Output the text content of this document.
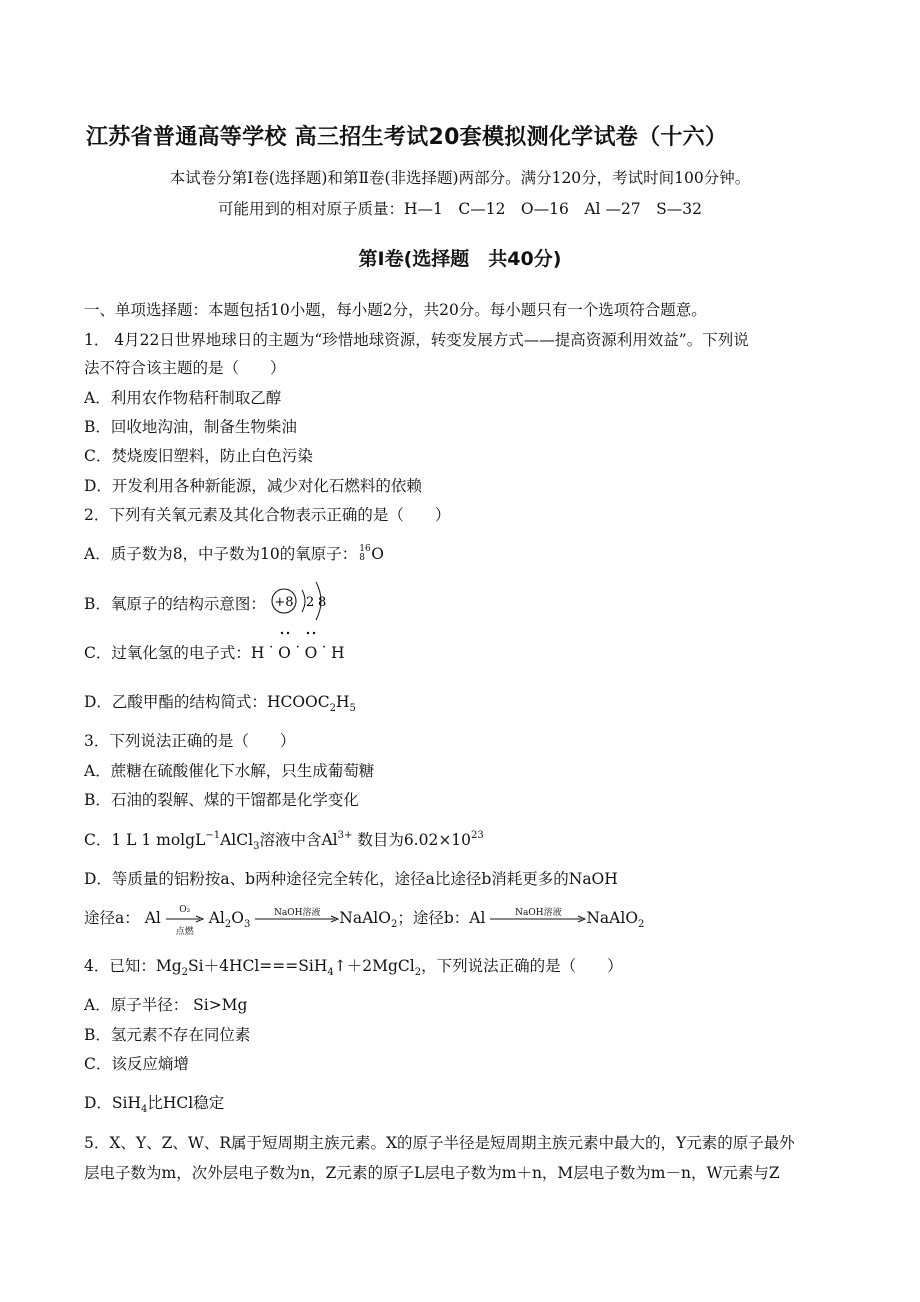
江苏省普通高等学校 高三招生考试20套模拟测化学试卷（十六）
本试卷分第Ⅰ卷(选择题)和第Ⅱ卷(非选择题)两部分。满分120分，考试时间100分钟。
可能用到的相对原子质量：H—1　C—12　O—16　Al —27　S—32
第Ⅰ卷(选择题　共40分)
一、单项选择题：本题包括10小题，每小题2分，共20分。每小题只有一个选项符合题意。
1． 4月22日世界地球日的主题为“珍惜地球资源，转变发展方式——提高资源利用效益”。下列说
法不符合该主题的是（　　）
A．利用农作物秸秆制取乙醇
B．回收地沟油，制备生物柴油
C．焚烧废旧塑料，防止白色污染
D．开发利用各种新能源，减少对化石燃料的依赖
2．下列有关氧元素及其化合物表示正确的是（　　）
A．质子数为8，中子数为10的氧原子： 16
8 O
B．氧原子的结构示意图： +8 2 8
C．过氧化氢的电子式：H˙O˙O˙H
D．乙酸甲酯的结构简式：$HCOOC_2H_5$
3．下列说法正确的是（　　）
A．蔗糖在硫酸催化下水解，只生成葡萄糖
B．石油的裂解、煤的干馏都是化学变化
C．1 L 1 molgL$^{-1}$AlCl$_3$溶液中含$Al^{3+}$ 数目为$6.02\times 10^{23}$
D．等质量的铝粉按a、b两种途径完全转化，途径a比途径b消耗更多的NaOH
途径a： Al	O₂
点燃
$Al_2O_3$
NaOH溶液	NaAlO$_2$；途径b：Al	NaOH溶液	NaAlO$_2$
4．已知：$Mg_2Si+4HCl===SiH_4↑+2MgCl_2$，下列说法正确的是（　　）
A．原子半径： Si>Mg
B．氢元素不存在同位素
C．该反应熵增
D．SiH$_4$比HCl稳定
5．X、Y、Z、W、R属于短周期主族元素。X的原子半径是短周期主族元素中最大的，Y元素的原子最外
层电子数为m，次外层电子数为n，Z元素的原子L层电子数为m＋n，M层电子数为m－n，W元素与Z
